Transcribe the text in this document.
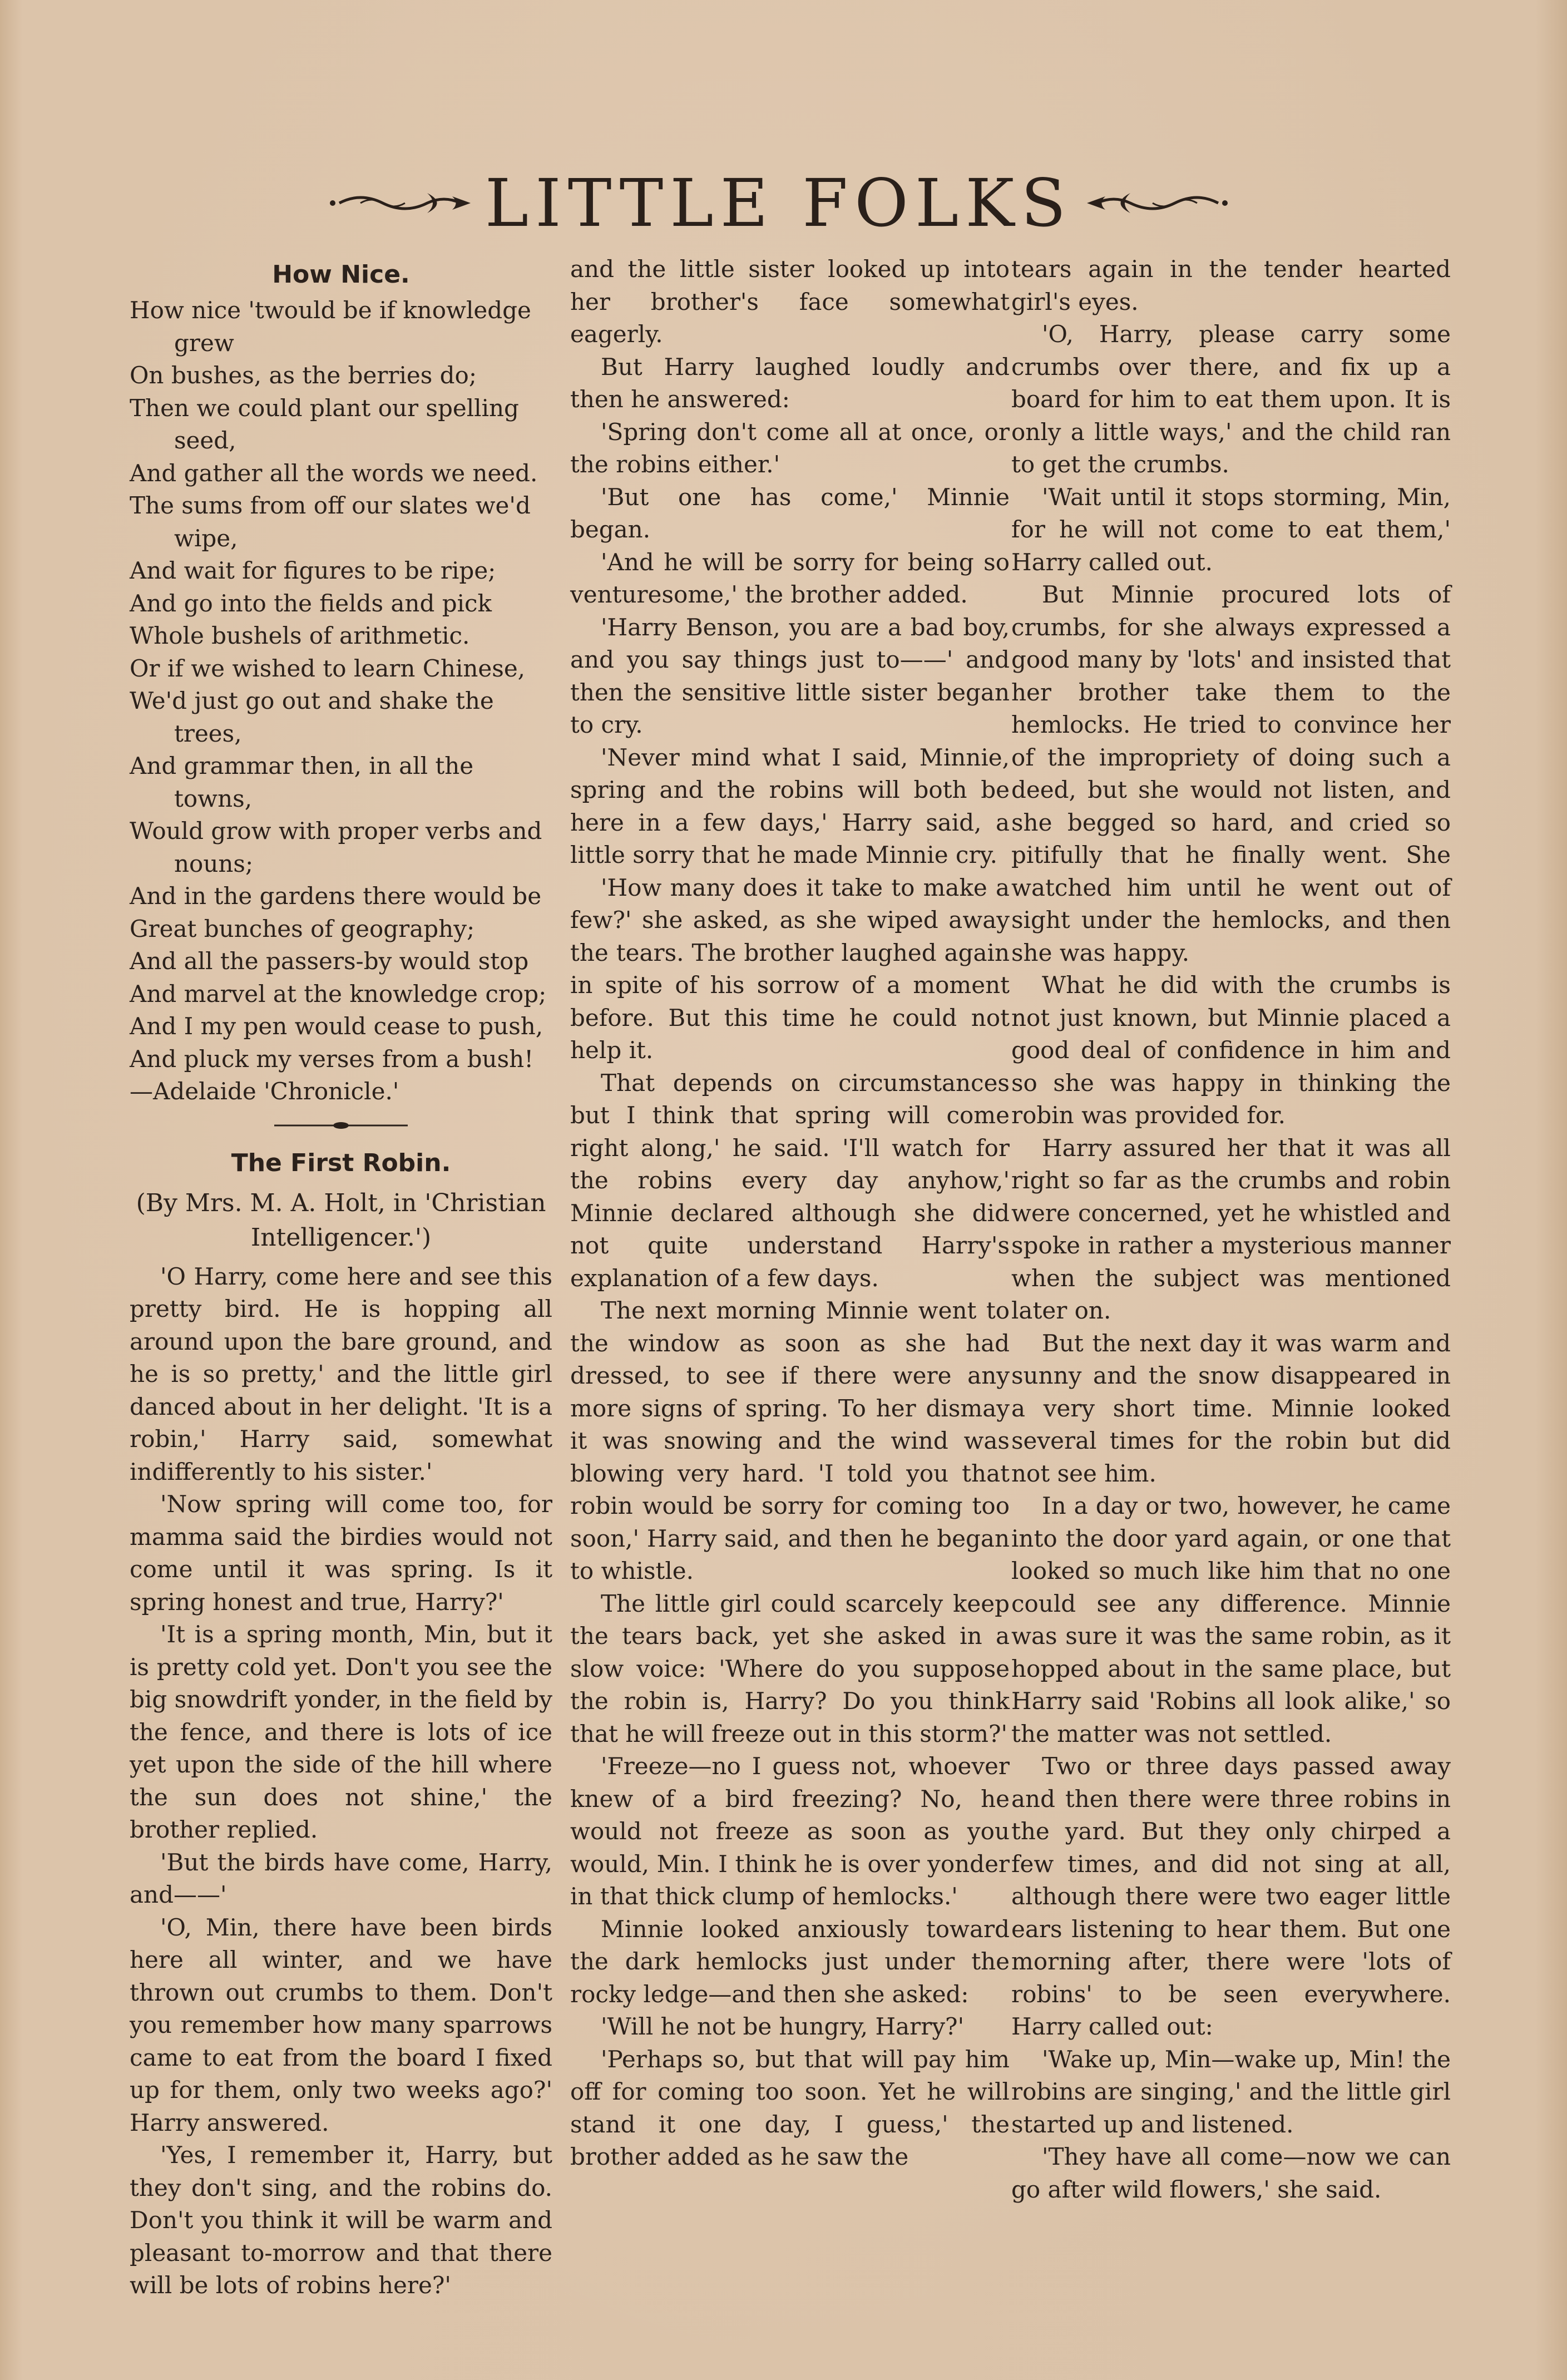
LITTLE FOLKS
How Nice.
How nice 'twould be if knowledge grew
On bushes, as the berries do;
Then we could plant our spelling seed,
And gather all the words we need.
The sums from off our slates we'd wipe,
And wait for figures to be ripe;
And go into the fields and pick
Whole bushels of arithmetic.
Or if we wished to learn Chinese,
We'd just go out and shake the trees,
And grammar then, in all the towns,
Would grow with proper verbs and nouns;
And in the gardens there would be
Great bunches of geography;
And all the passers-by would stop
And marvel at the knowledge crop;
And I my pen would cease to push,
And pluck my verses from a bush!
—Adelaide 'Chronicle.'
The First Robin.
(By Mrs. M. A. Holt, in 'Christian Intelligencer.')

'O Harry, come here and see this pretty bird. He is hopping all around upon the bare ground, and he is so pretty,' and the little girl danced about in her delight. 'It is a robin,' Harry said, somewhat indifferently to his sister.'

'Now spring will come too, for mamma said the birdies would not come until it was spring. Is it spring honest and true, Harry?'

'It is a spring month, Min, but it is pretty cold yet. Don't you see the big snowdrift yonder, in the field by the fence, and there is lots of ice yet upon the side of the hill where the sun does not shine,' the brother replied.

'But the birds have come, Harry, and——'

'O, Min, there have been birds here all winter, and we have thrown out crumbs to them. Don't you remember how many sparrows came to eat from the board I fixed up for them, only two weeks ago?' Harry answered.

'Yes, I remember it, Harry, but they don't sing, and the robins do. Don't you think it will be warm and pleasant to-morrow and that there will be lots of robins here?'

and the little sister looked up into her brother's face somewhat eagerly.

But Harry laughed loudly and then he answered:

'Spring don't come all at once, or the robins either.'

'But one has come,' Minnie began.

'And he will be sorry for being so venturesome,' the brother added.

'Harry Benson, you are a bad boy, and you say things just to——' and then the sensitive little sister began to cry.

'Never mind what I said, Minnie, spring and the robins will both be here in a few days,' Harry said, a little sorry that he made Minnie cry.

'How many does it take to make a few?' she asked, as she wiped away the tears. The brother laughed again in spite of his sorrow of a moment before. But this time he could not help it.

That depends on circumstances but I think that spring will come right along,' he said. 'I'll watch for the robins every day anyhow,' Minnie declared although she did not quite understand Harry's explanation of a few days.

The next morning Minnie went to the window as soon as she had dressed, to see if there were any more signs of spring. To her dismay it was snowing and the wind was blowing very hard. 'I told you that robin would be sorry for coming too soon,' Harry said, and then he began to whistle.

The little girl could scarcely keep the tears back, yet she asked in a slow voice: 'Where do you suppose the robin is, Harry? Do you think that he will freeze out in this storm?'

'Freeze—no I guess not, whoever knew of a bird freezing? No, he would not freeze as soon as you would, Min. I think he is over yonder in that thick clump of hemlocks.'

Minnie looked anxiously toward the dark hemlocks just under the rocky ledge—and then she asked:

'Will he not be hungry, Harry?'

'Perhaps so, but that will pay him off for coming too soon. Yet he will stand it one day, I guess,' the brother added as he saw the

tears again in the tender hearted girl's eyes.

'O, Harry, please carry some crumbs over there, and fix up a board for him to eat them upon. It is only a little ways,' and the child ran to get the crumbs.

'Wait until it stops storming, Min, for he will not come to eat them,' Harry called out.

But Minnie procured lots of crumbs, for she always expressed a good many by 'lots' and insisted that her brother take them to the hemlocks. He tried to convince her of the impropriety of doing such a deed, but she would not listen, and she begged so hard, and cried so pitifully that he finally went. She watched him until he went out of sight under the hemlocks, and then she was happy.

What he did with the crumbs is not just known, but Minnie placed a good deal of confidence in him and so she was happy in thinking the robin was provided for.

Harry assured her that it was all right so far as the crumbs and robin were concerned, yet he whistled and spoke in rather a mysterious manner when the subject was mentioned later on.

But the next day it was warm and sunny and the snow disappeared in a very short time. Minnie looked several times for the robin but did not see him.

In a day or two, however, he came into the door yard again, or one that looked so much like him that no one could see any difference. Minnie was sure it was the same robin, as it hopped about in the same place, but Harry said 'Robins all look alike,' so the matter was not settled.

Two or three days passed away and then there were three robins in the yard. But they only chirped a few times, and did not sing at all, although there were two eager little ears listening to hear them. But one morning after, there were 'lots of robins' to be seen everywhere. Harry called out:

'Wake up, Min—wake up, Min! the robins are singing,' and the little girl started up and listened.

'They have all come—now we can go after wild flowers,' she said.
